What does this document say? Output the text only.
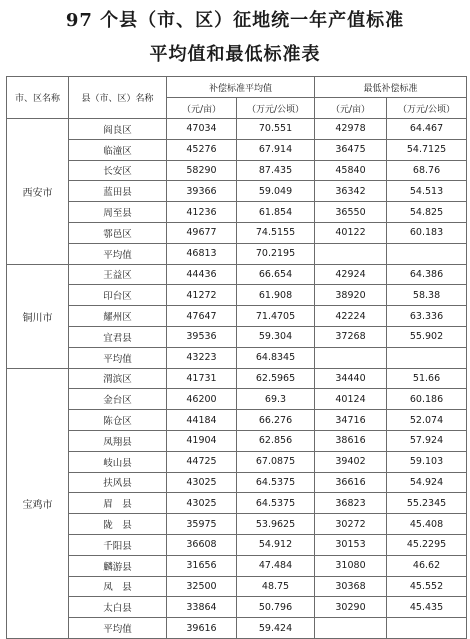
97 个县（市、区）征地统一年产值标准
平均值和最低标准表
市、区名称	县（市、区）名称	补偿标准平均值		最低补偿标准	
		（元/亩）	（万元/公顷）	（元/亩）	（万元/公顷）
西安市	阎良区	47034	70.551	42978	64.467
	临潼区	45276	67.914	36475	54.7125
	长安区	58290	87.435	45840	68.76
	蓝田县	39366	59.049	36342	54.513
	周至县	41236	61.854	36550	54.825
	鄠邑区	49677	74.5155	40122	60.183
	平均值	46813	70.2195		
铜川市	王益区	44436	66.654	42924	64.386
	印台区	41272	61.908	38920	58.38
	耀州区	47647	71.4705	42224	63.336
	宜君县	39536	59.304	37268	55.902
	平均值	43223	64.8345		
宝鸡市	渭滨区	41731	62.5965	34440	51.66
	金台区	46200	69.3	40124	60.186
	陈仓区	44184	66.276	34716	52.074
	凤翔县	41904	62.856	38616	57.924
	岐山县	44725	67.0875	39402	59.103
	扶风县	43025	64.5375	36616	54.924
	眉　县	43025	64.5375	36823	55.2345
	陇　县	35975	53.9625	30272	45.408
	千阳县	36608	54.912	30153	45.2295
	麟游县	31656	47.484	31080	46.62
	凤　县	32500	48.75	30368	45.552
	太白县	33864	50.796	30290	45.435
	平均值	39616	59.424		
